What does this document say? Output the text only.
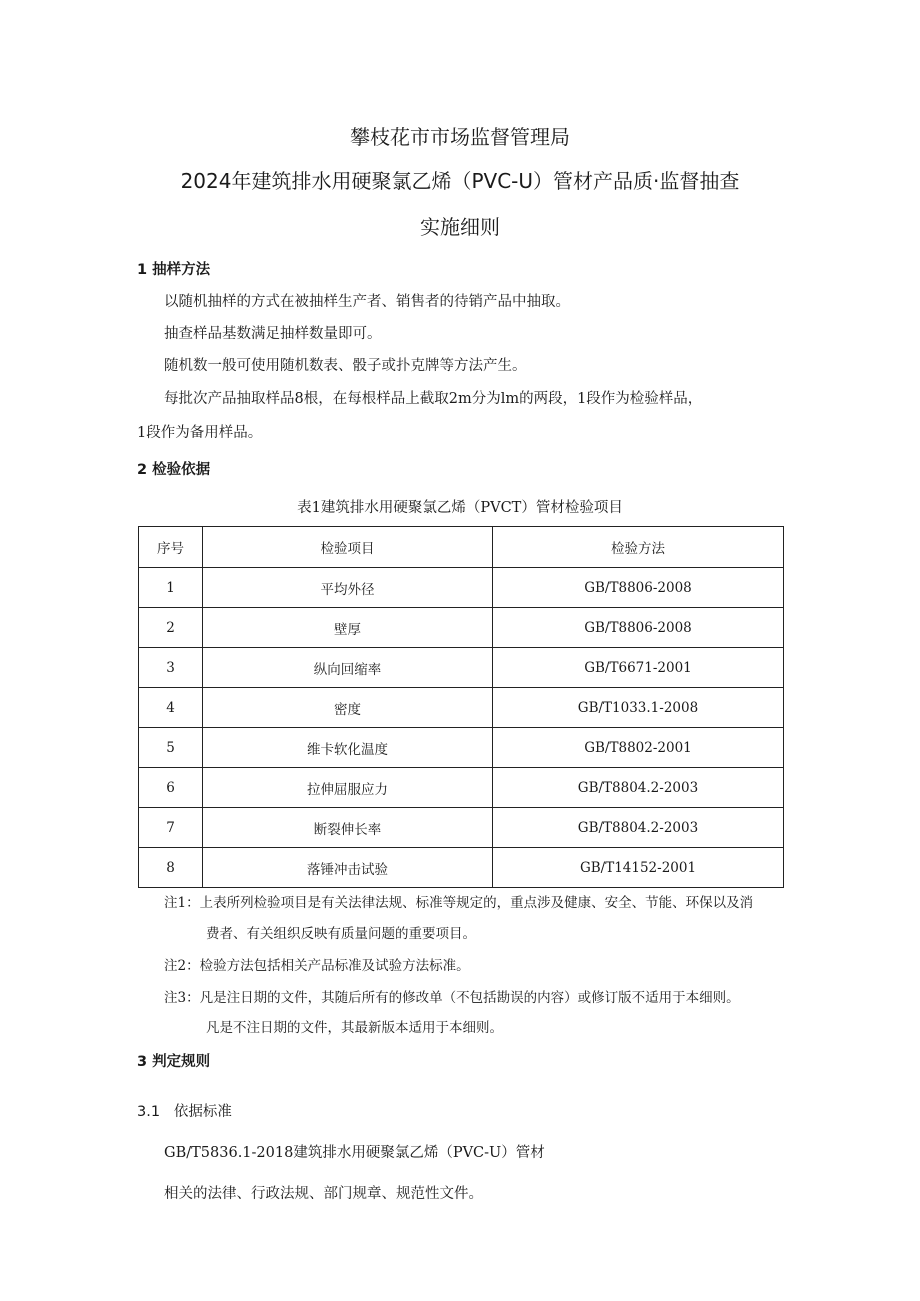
攀枝花市市场监督管理局
2024年建筑排水用硬聚氯乙烯（PVC-U）管材产品质·监督抽查
实施细则
1 抽样方法
以随机抽样的方式在被抽样生产者、销售者的待销产品中抽取。
抽查样品基数满足抽样数量即可。
随机数一般可使用随机数表、骰子或扑克牌等方法产生。
每批次产品抽取样品8根，在每根样品上截取2m分为lm的两段，1段作为检验样品，
1段作为备用样品。
2 检验依据
表1建筑排水用硬聚氯乙烯（PVCT）管材检验项目
序号	检验项目	检验方法
1	平均外径	GB/T8806-2008
2	壁厚	GB/T8806-2008
3	纵向回缩率	GB/T6671-2001
4	密度	GB/T1033.1-2008
5	维卡软化温度	GB/T8802-2001
6	拉伸屈服应力	GB/T8804.2-2003
7	断裂伸长率	GB/T8804.2-2003
8	落锤冲击试验	GB/T14152-2001
注1：上表所列检验项目是有关法律法规、标准等规定的，重点涉及健康、安全、节能、环保以及消
费者、有关组织反映有质量问题的重要项目。
注2：检验方法包括相关产品标准及试验方法标准。
注3：凡是注日期的文件，其随后所有的修改单（不包括勘误的内容）或修订版不适用于本细则。
凡是不注日期的文件，其最新版本适用于本细则。
3 判定规则
3.1   依据标准
GB/T5836.1-2018建筑排水用硬聚氯乙烯（PVC-U）管材
相关的法律、行政法规、部门规章、规范性文件。
